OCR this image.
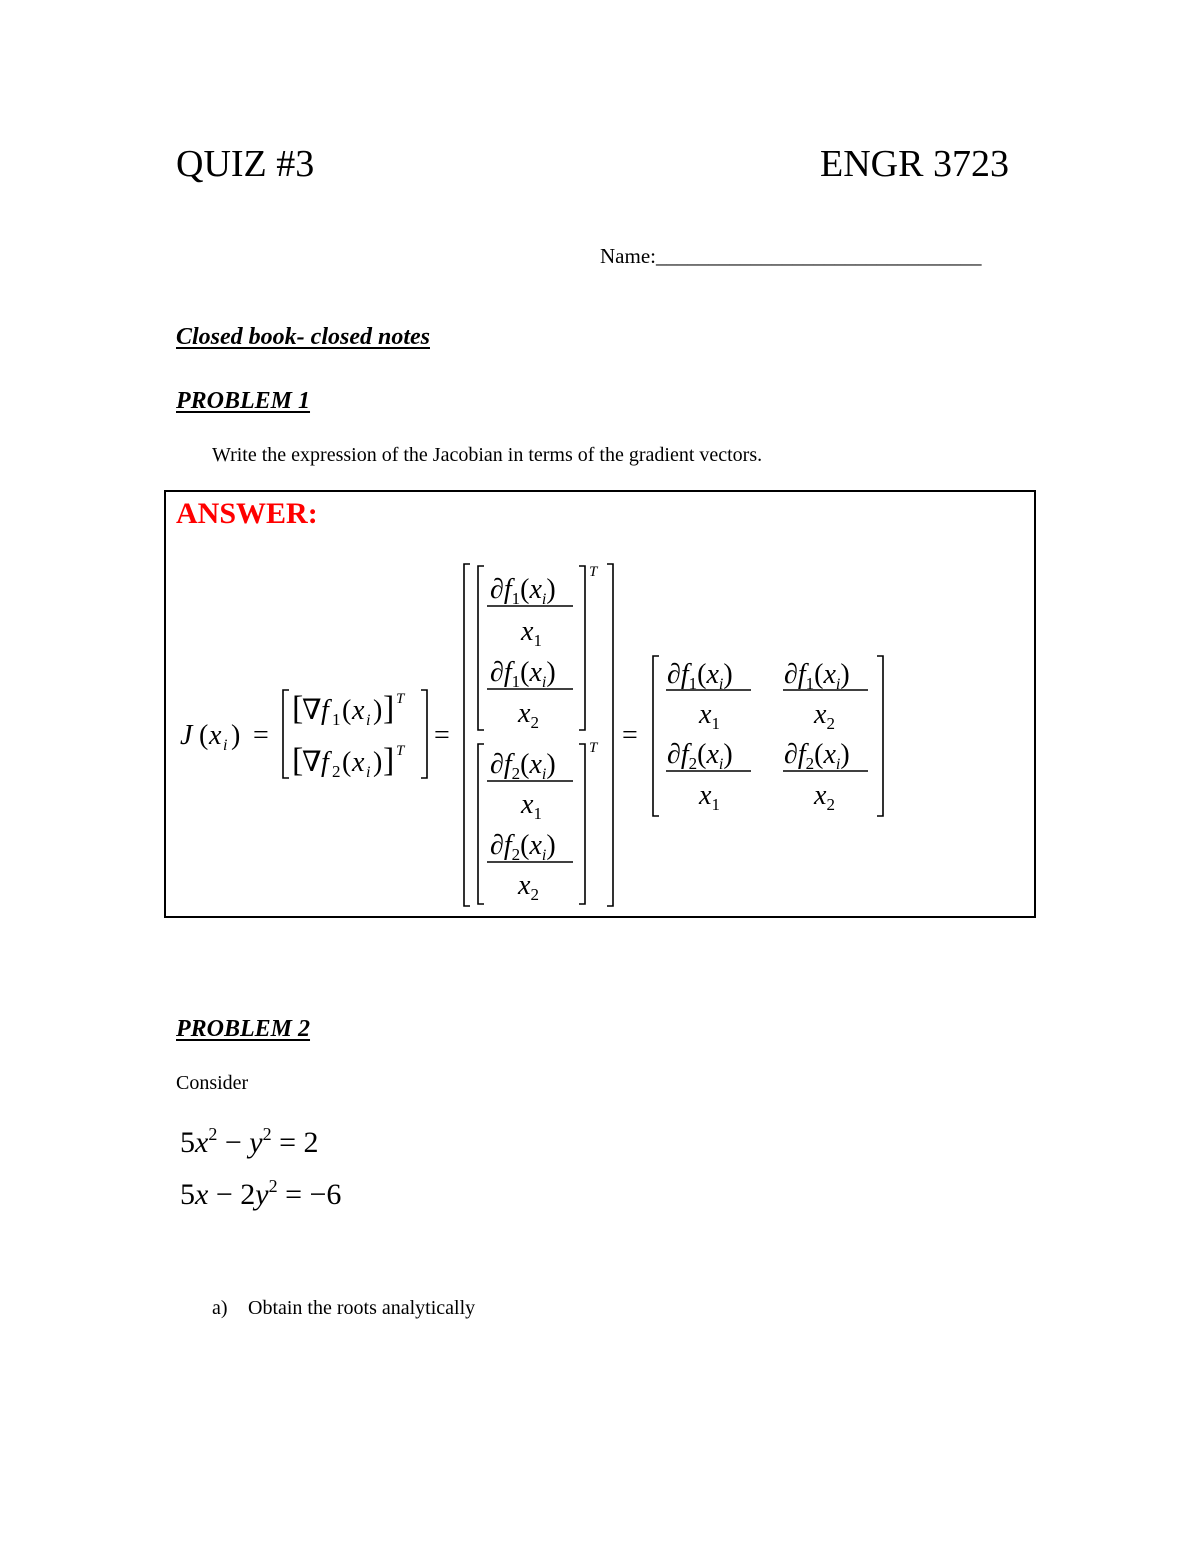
QUIZ #3	ENGR 3723
Name:_______________________________
Closed book- closed notes
PROBLEM 1
Write the expression of the Jacobian in terms of the gradient vectors.
ANSWER:
J ( x i ) =
[
∇ f 1 ( x i ) ] T
[
∇ f 2 ( x i ) ] T =
$\partial f_1(x_i)$
$x_1$
$\partial f_1(x_i)$
$x_2$
T
$\partial f_2(x_i)$
$x_1$
$\partial f_2(x_i)$
$x_2$
T =
$\partial f_1(x_i)$
$x_1$
$\partial f_1(x_i)$
$x_2$
$\partial f_2(x_i)$
$x_1$
$\partial f_2(x_i)$
$x_2$
PROBLEM 2
Consider
$5x^2 - y^2 = 2$
$5x - 2y^2 = -6$
a) Obtain the roots analytically
